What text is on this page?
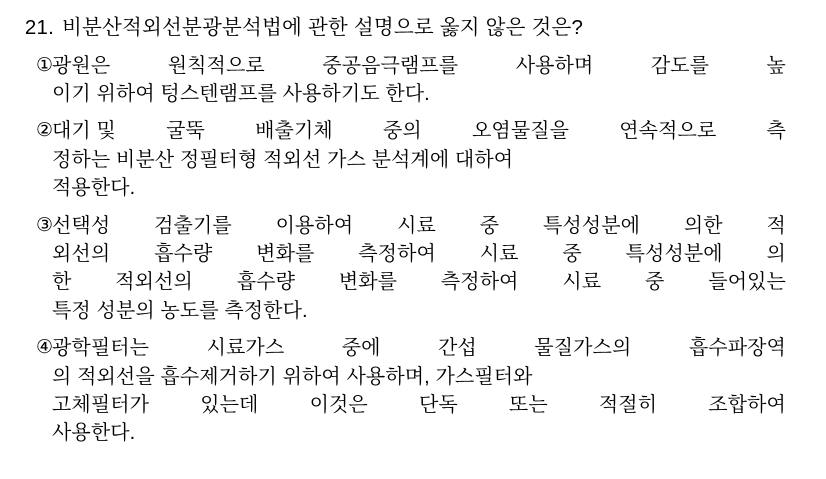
21. 비분산적외선분광분석법에 관한 설명으로 옳지 않은 것은?
①
광원은	원칙적으로	중공음극램프를	사용하며	감도를	높
이기 위하여 텅스텐램프를 사용하기도 한다.
②
대기 및	굴뚝	배출기체	중의	오염물질을	연속적으로	측
정하는 비분산 정필터형 적외선 가스 분석계에 대하여
적용한다.
③
선택성 검출기를 이용하여 시료 중 특성성분에 의한 적
외선의 흡수량 변화를 측정하여 시료 중 특성성분에 의
한 적외선의 흡수량 변화를 측정하여 시료 중 들어있는
특정 성분의 농도를 측정한다.
④
광학필터는	시료가스	중에	간섭	물질가스의	흡수파장역
의 적외선을 흡수제거하기 위하여 사용하며, 가스필터와
고체필터가	있는데	이것은	단독	또는	적절히	조합하여
사용한다.
